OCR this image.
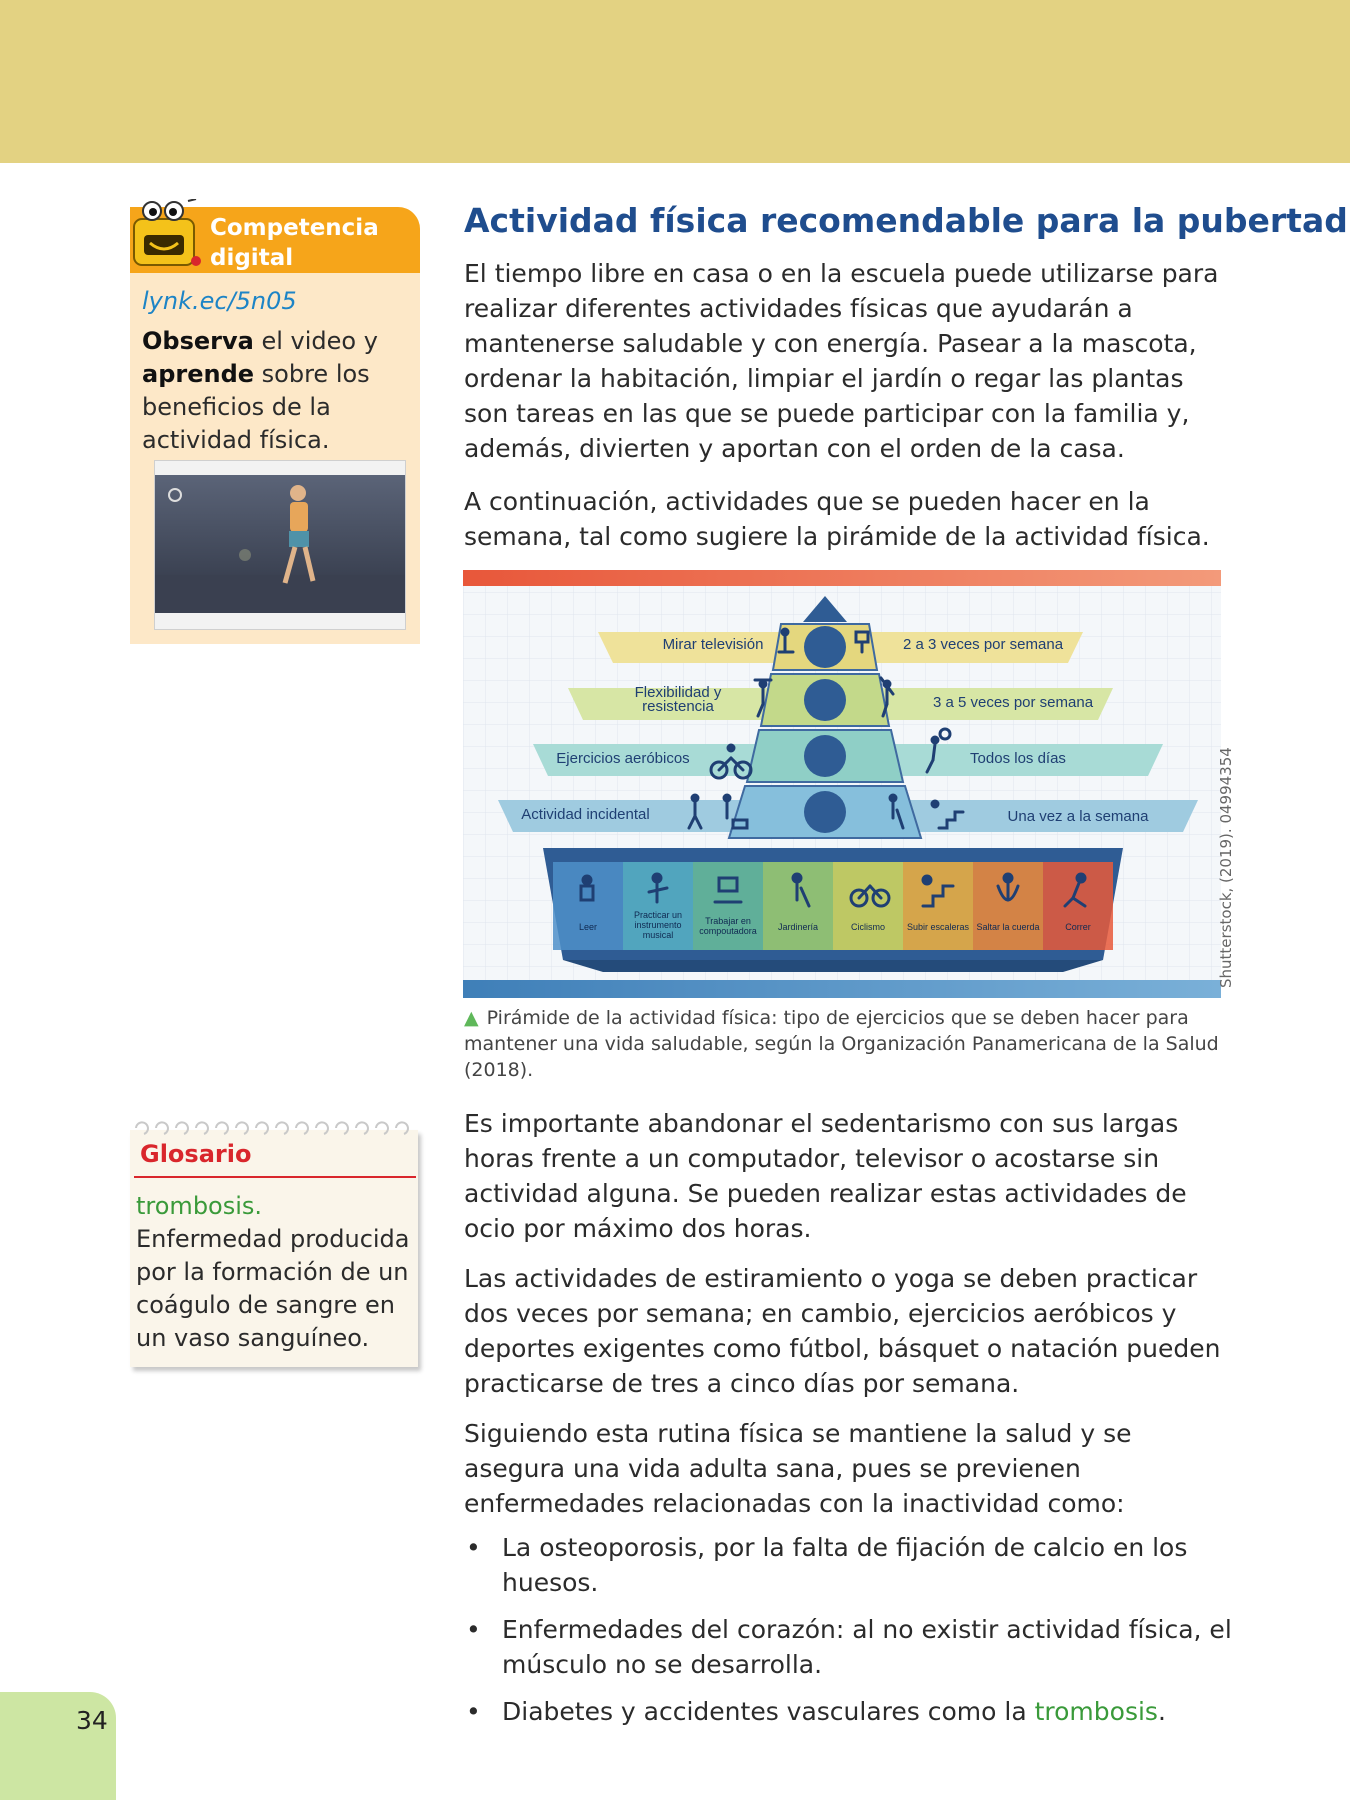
Competencia digital
lynk.ec/5n05
Observa el video y aprende sobre los beneficios de la actividad física.
Glosario
trombosis. Enfermedad producida por la formación de un coágulo de sangre en un vaso sanguíneo.
Actividad física recomendable para la pubertad

El tiempo libre en casa o en la escuela puede utilizarse para realizar diferentes actividades físicas que ayudarán a mantenerse saludable y con energía. Pasear a la mascota, ordenar la habitación, limpiar el jardín o regar las plantas son tareas en las que se puede participar con la familia y, además, divierten y aportan con el orden de la casa.

A continuación, actividades que se pueden hacer en la semana, tal como sugiere la pirámide de la actividad física.

Mirar televisión
Flexibilidad y resistencia
Ejercicios aeróbicos
Actividad incidental
2 a 3 veces por semana
3 a 5 veces por semana
Todos los días
Una vez a la semana
Leer
Practicar un instrumento musical
Trabajar en compoutadora	Jardinería	Ciclismo	Subir escaleras Saltar la cuerda	Correr	Shutterstock, (2019). 04994354
▲ Pirámide de la actividad física: tipo de ejercicios que se deben hacer para mantener una vida saludable, según la Organización Panamericana de la Salud (2018).

Es importante abandonar el sedentarismo con sus largas horas frente a un computador, televisor o acostarse sin actividad alguna. Se pueden realizar estas actividades de ocio por máximo dos horas.

Las actividades de estiramiento o yoga se deben practicar dos veces por semana; en cambio, ejercicios aeróbicos y deportes exigentes como fútbol, básquet o natación pueden practicarse de tres a cinco días por semana.

Siguiendo esta rutina física se mantiene la salud y se asegura una vida adulta sana, pues se previenen enfermedades relacionadas con la inactividad como:

• La osteoporosis, por la falta de fijación de calcio en los huesos.
• Enfermedades del corazón: al no existir actividad física, el músculo no se desarrolla.
• Diabetes y accidentes vasculares como la trombosis.
34
